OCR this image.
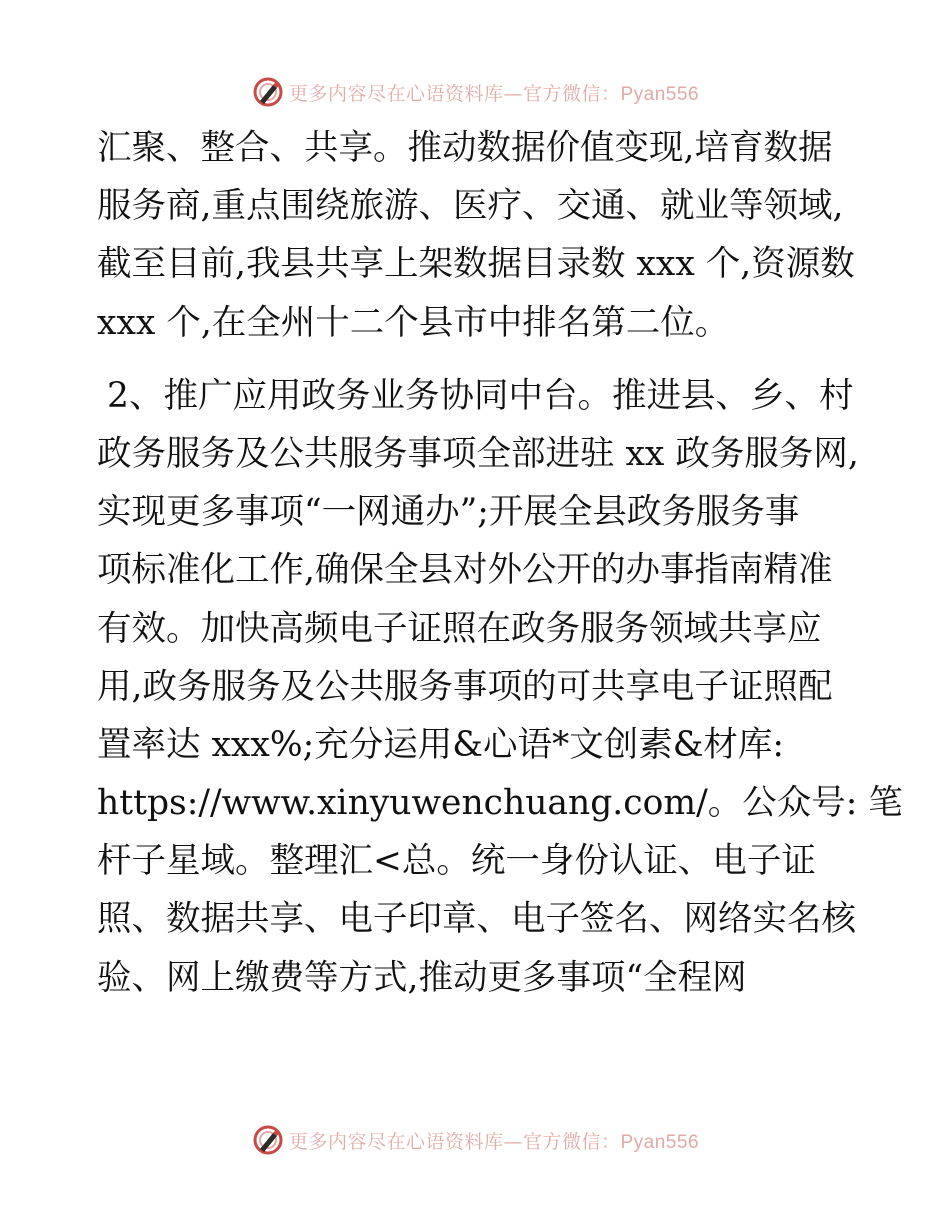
更多内容尽在心语资料库—官方微信：Pyan556
汇聚、整合、共享。推动数据价值变现,培育数据
服务商,重点围绕旅游、医疗、交通、就业等领域,
截至目前,我县共享上架数据目录数 xxx 个,资源数
xxx 个,在全州十二个县市中排名第二位。
2、推广应用政务业务协同中台。推进县、乡、村
政务服务及公共服务事项全部进驻 xx 政务服务网,
实现更多事项“一网通办”;开展全县政务服务事
项标准化工作,确保全县对外公开的办事指南精准
有效。加快高频电子证照在政务服务领域共享应
用,政务服务及公共服务事项的可共享电子证照配
置率达 xxx%;充分运用&心语*文创素&材库:
https://www.xinyuwenchuang.com/。公众号: 笔
杆子星域。整理汇<总。统一身份认证、电子证
照、数据共享、电子印章、电子签名、网络实名核
验、网上缴费等方式,推动更多事项“全程网
更多内容尽在心语资料库—官方微信：Pyan556
